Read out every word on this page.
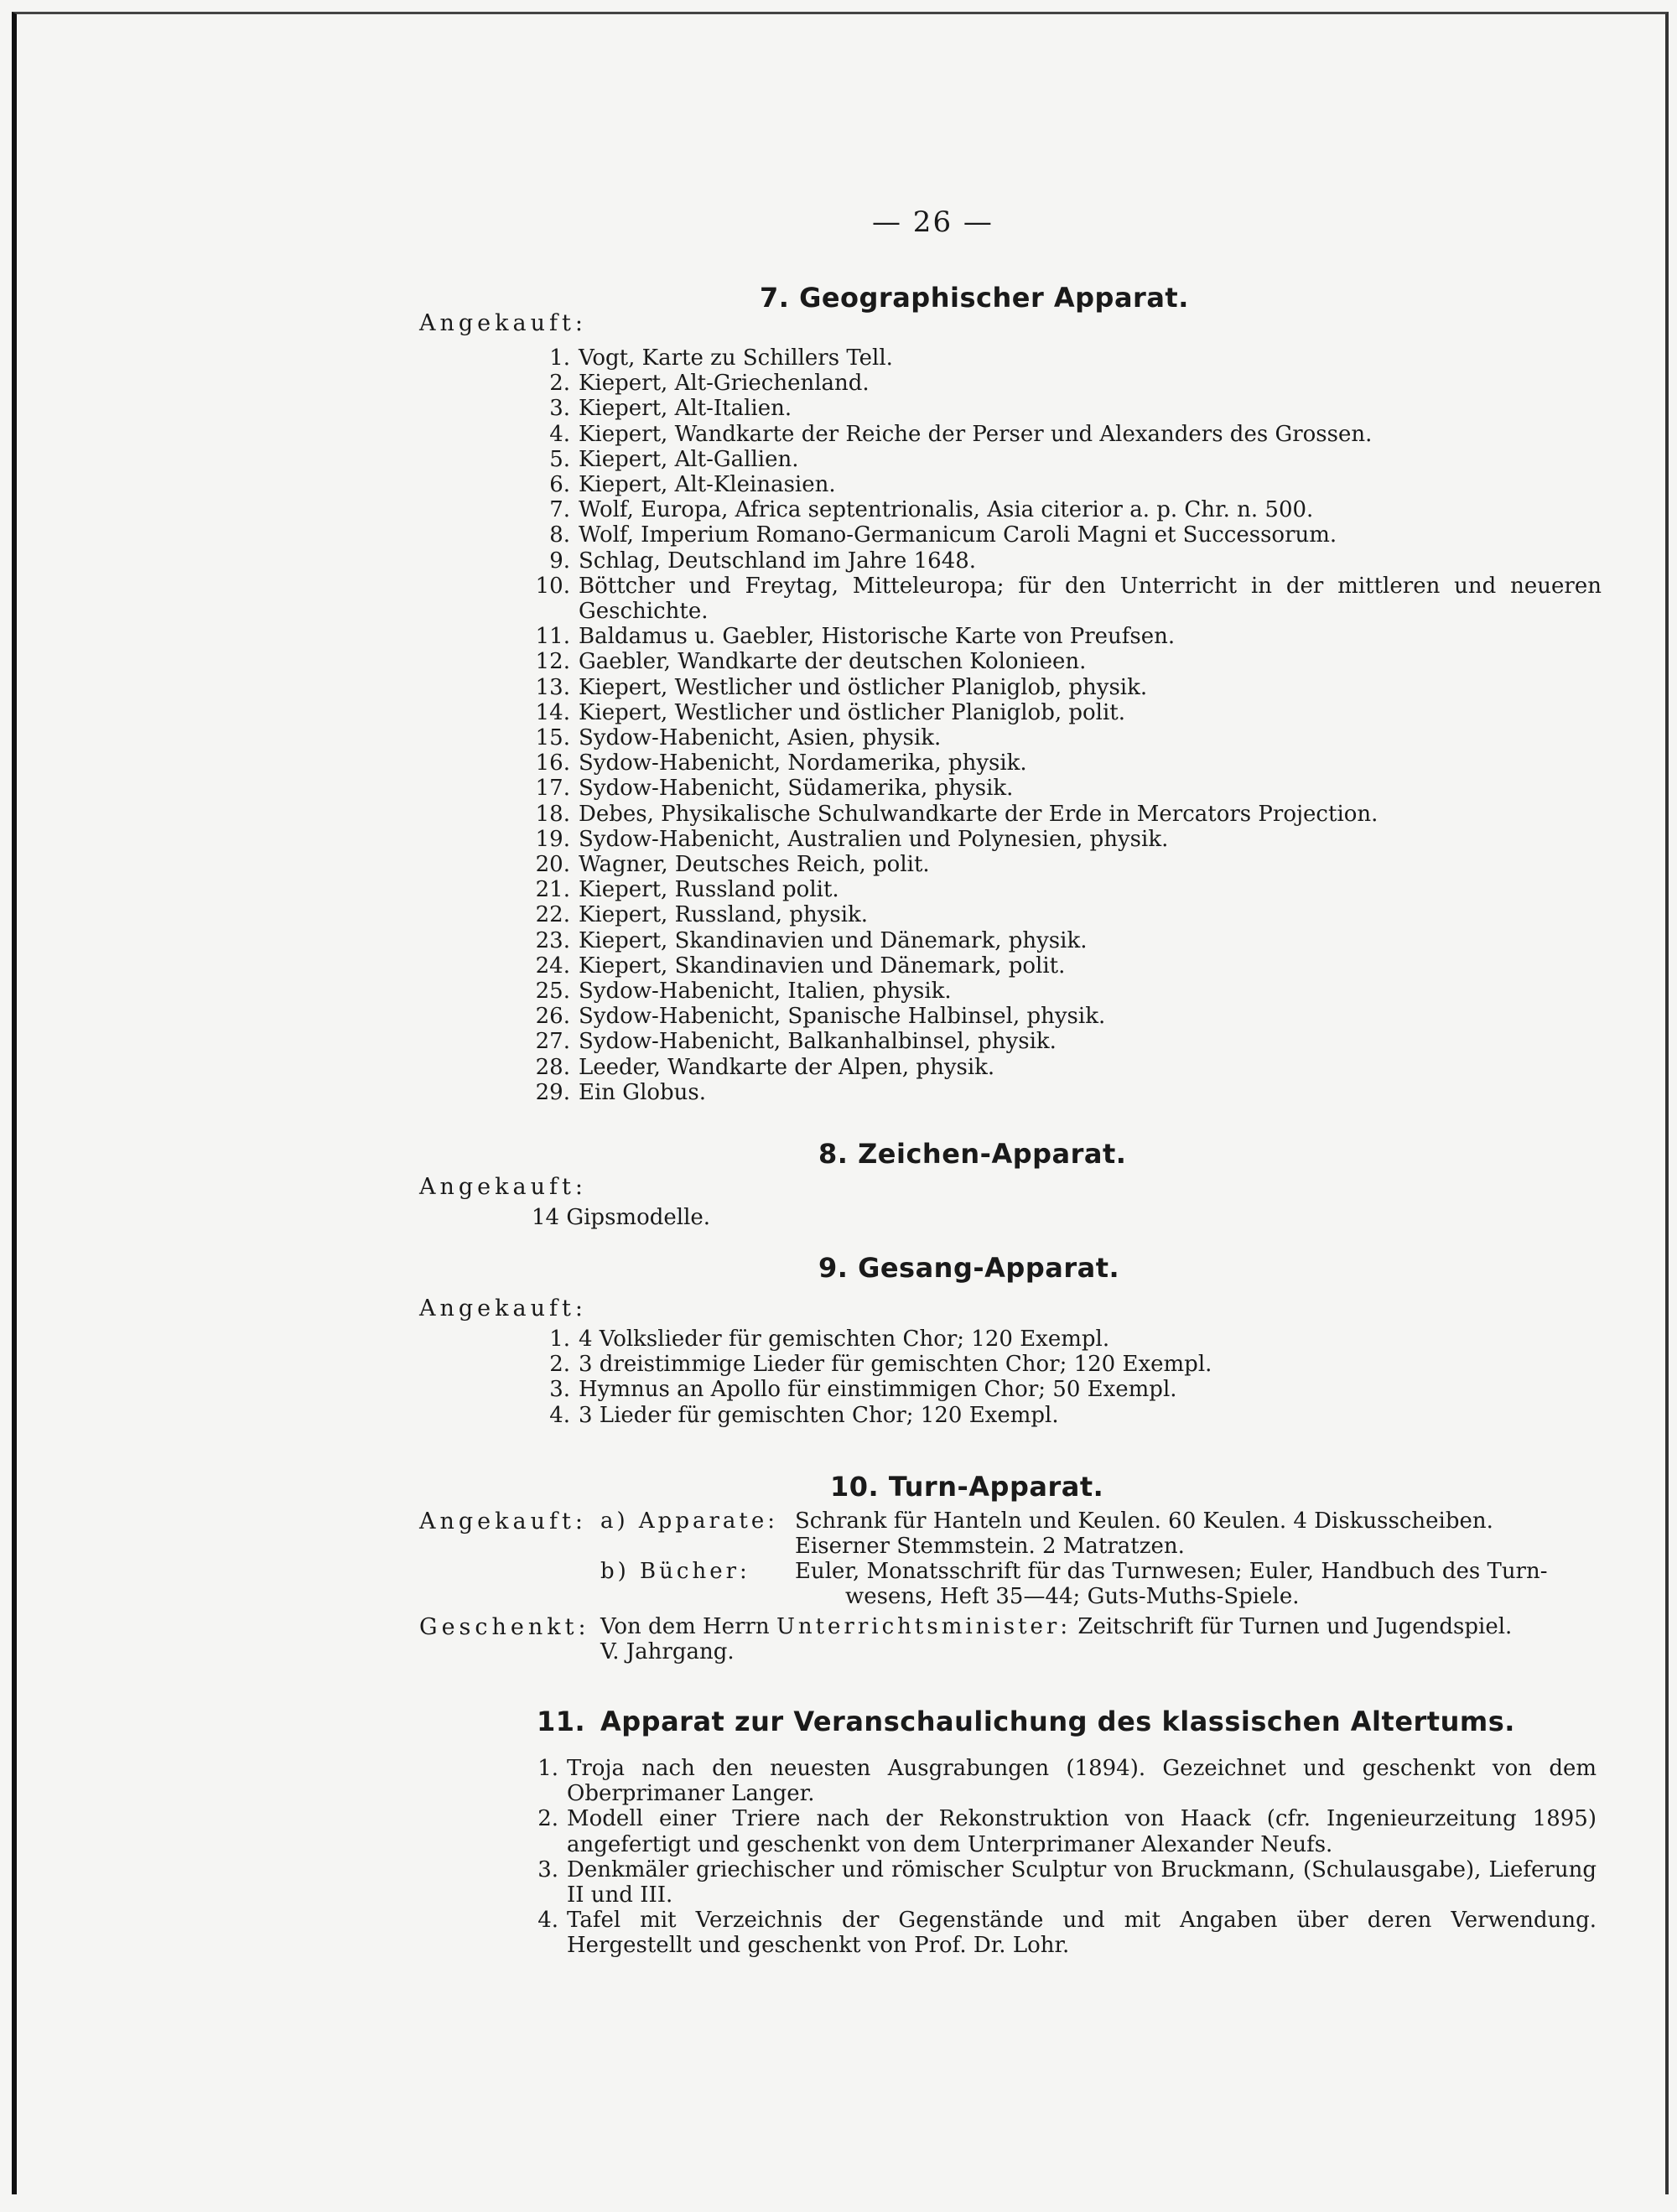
— 26 —
7. Geographischer Apparat.
Angekauft:
1. Vogt, Karte zu Schillers Tell.
2. Kiepert, Alt-Griechenland.
3. Kiepert, Alt-Italien.
4. Kiepert, Wandkarte der Reiche der Perser und Alexanders des Grossen.
5. Kiepert, Alt-Gallien.
6. Kiepert, Alt-Kleinasien.
7. Wolf, Europa, Africa septentrionalis, Asia citerior a. p. Chr. n. 500.
8. Wolf, Imperium Romano-Germanicum Caroli Magni et Successorum.
9. Schlag, Deutschland im Jahre 1648.
10. Böttcher und Freytag, Mitteleuropa; für den Unterricht in der mittleren und neueren Geschichte.
11. Baldamus u. Gaebler, Historische Karte von Preufsen.
12. Gaebler, Wandkarte der deutschen Kolonieen.
13. Kiepert, Westlicher und östlicher Planiglob, physik.
14. Kiepert, Westlicher und östlicher Planiglob, polit.
15. Sydow-Habenicht, Asien, physik.
16. Sydow-Habenicht, Nordamerika, physik.
17. Sydow-Habenicht, Südamerika, physik.
18. Debes, Physikalische Schulwandkarte der Erde in Mercators Projection.
19. Sydow-Habenicht, Australien und Polynesien, physik.
20. Wagner, Deutsches Reich, polit.
21. Kiepert, Russland polit.
22. Kiepert, Russland, physik.
23. Kiepert, Skandinavien und Dänemark, physik.
24. Kiepert, Skandinavien und Dänemark, polit.
25. Sydow-Habenicht, Italien, physik.
26. Sydow-Habenicht, Spanische Halbinsel, physik.
27. Sydow-Habenicht, Balkanhalbinsel, physik.
28. Leeder, Wandkarte der Alpen, physik.
29. Ein Globus.
8. Zeichen-Apparat.
Angekauft:
14 Gipsmodelle.
9. Gesang-Apparat.
Angekauft:
1. 4 Volkslieder für gemischten Chor; 120 Exempl.
2. 3 dreistimmige Lieder für gemischten Chor; 120 Exempl.
3. Hymnus an Apollo für einstimmigen Chor; 50 Exempl.
4. 3 Lieder für gemischten Chor; 120 Exempl.
10. Turn-Apparat.
Angekauft: a) Apparate: Schrank für Hanteln und Keulen. 60 Keulen. 4 Diskusscheiben.
Eiserner Stemmstein. 2 Matratzen.
b) Bücher: Euler, Monatsschrift für das Turnwesen; Euler, Handbuch des Turn-
wesens, Heft 35—44; Guts-Muths-Spiele.
Geschenkt: Von dem Herrn Unterrichtsminister: Zeitschrift für Turnen und Jugendspiel.
V. Jahrgang.
11. Apparat zur Veranschaulichung des klassischen Altertums.
1. Troja nach den neuesten Ausgrabungen (1894). Gezeichnet und geschenkt von dem Oberprimaner Langer.
2. Modell einer Triere nach der Rekonstruktion von Haack (cfr. Ingenieurzeitung 1895) angefertigt und geschenkt von dem Unterprimaner Alexander Neufs.
3. Denkmäler griechischer und römischer Sculptur von Bruckmann, (Schulausgabe), Lieferung II und III.
4. Tafel mit Verzeichnis der Gegenstände und mit Angaben über deren Verwendung. Hergestellt und geschenkt von Prof. Dr. Lohr.
